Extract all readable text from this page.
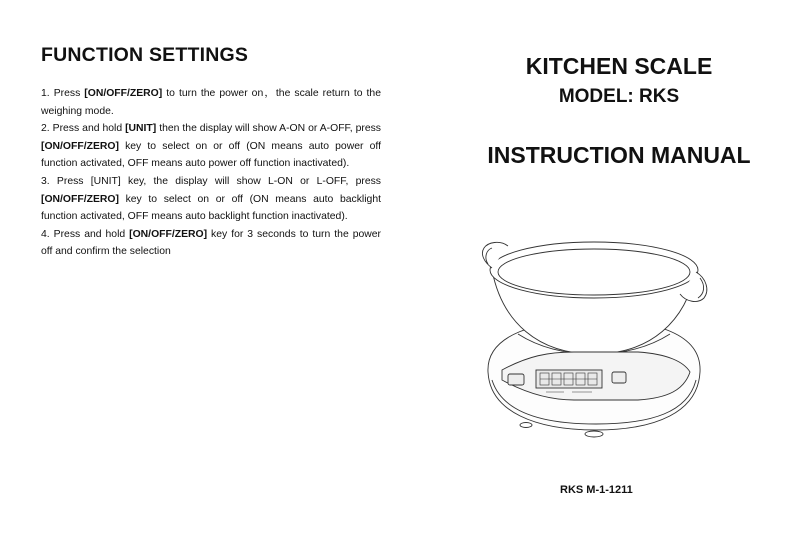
FUNCTION SETTINGS

1. Press [ON/OFF/ZERO] to turn the power on，the scale return to the weighing mode.

2. Press and hold [UNIT] then the display will show A-ON or A-OFF, press [ON/OFF/ZERO] key to select on or off (ON means auto power off function activated, OFF means auto power off function inactivated).

3. Press [UNIT] key, the display will show L-ON or L-OFF, press [ON/OFF/ZERO] key to select on or off (ON means auto backlight function activated, OFF means auto backlight function inactivated).

4. Press and hold [ON/OFF/ZERO] key for 3 seconds to turn the power off and confirm the selection

KITCHEN SCALE
MODEL: RKS
INSTRUCTION MANUAL
RKS M-1-1211
